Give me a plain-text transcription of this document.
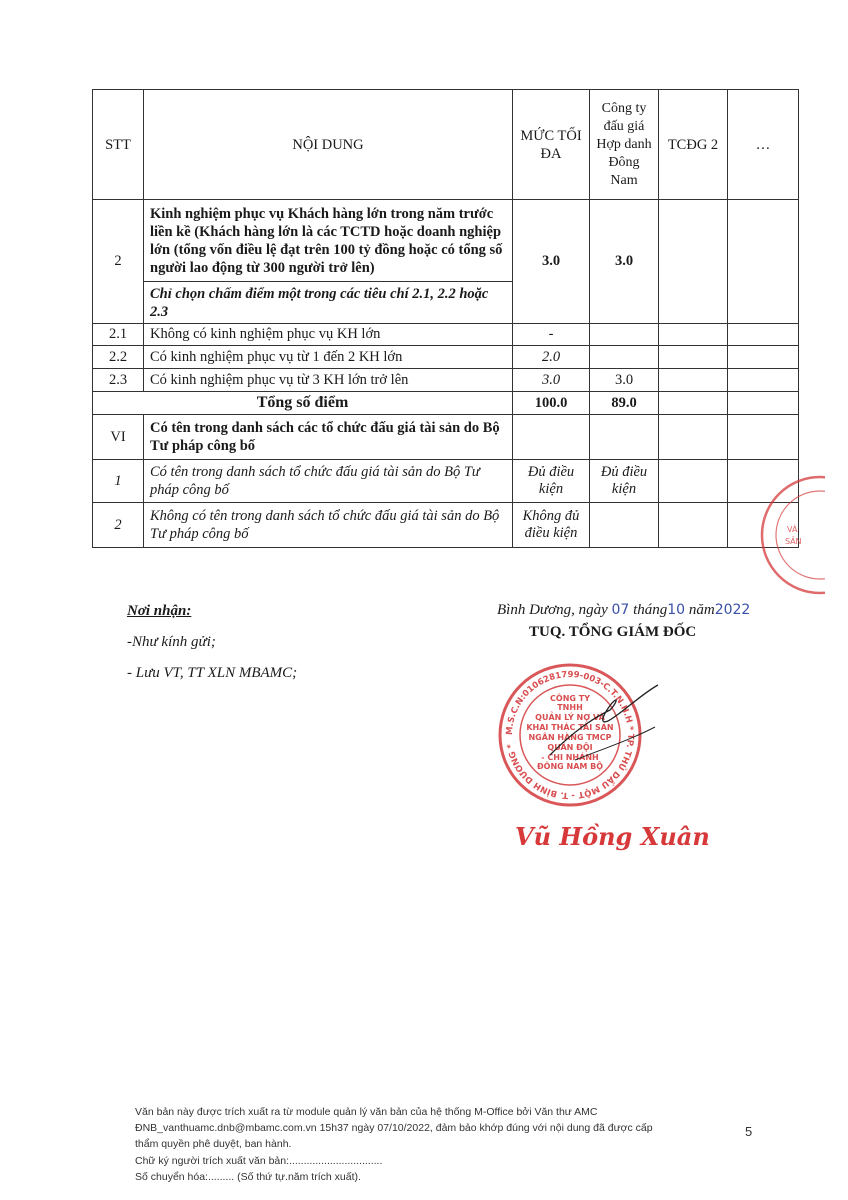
STT	NỘI DUNG	MỨC TỐI ĐA	Công ty đấu giá Hợp danh Đông Nam	TCĐG 2	…
2	Kinh nghiệm phục vụ Khách hàng lớn trong năm trước liền kề (Khách hàng lớn là các TCTD hoặc doanh nghiệp lớn (tổng vốn điều lệ đạt trên 100 tỷ đồng hoặc có tổng số người lao động từ 300 người trở lên)	3.0	3.0		
	Chỉ chọn chấm điểm một trong các tiêu chí 2.1, 2.2 hoặc 2.3				
2.1	Không có kinh nghiệm phục vụ KH lớn	-			
2.2	Có kinh nghiệm phục vụ từ 1 đến 2 KH lớn	2.0			
2.3	Có kinh nghiệm phục vụ từ 3 KH lớn trở lên	3.0	3.0		
Tổng số điểm		100.0	89.0		
VI	Có tên trong danh sách các tổ chức đấu giá tài sản do Bộ Tư pháp công bố				
1	Có tên trong danh sách tổ chức đấu giá tài sản do Bộ Tư pháp công bố	Đủ điều kiện	Đủ điều kiện		
2	Không có tên trong danh sách tổ chức đấu giá tài sản do Bộ Tư pháp công bố	Không đủ điều kiện				VÀ
SẢN
Nơi nhận:
-Như kính gửi;
- Lưu VT, TT XLN MBAMC;
Bình Dương, ngày 07 tháng10 năm2022
TUQ. TỔNG GIÁM ĐỐC
M.S.C.N:0106281799-003-C.T.N.H.H * TP. THỦ DẦU MỘT - T. BÌNH DƯƠNG *
CÔNG TY
TNHH
QUẢN LÝ NỢ VÀ
KHAI THÁC TÀI SẢN
NGÂN HÀNG TMCP
QUÂN ĐỘI
- CHI NHÁNH
ĐÔNG NAM BỘ
Vũ Hồng Xuân
Văn bản này được trích xuất ra từ module quản lý văn bản của hệ thống M-Office bởi Văn thư AMC
ĐNB_vanthuamc.dnb@mbamc.com.vn 15h37 ngày 07/10/2022, đảm bảo khớp đúng với nội dung đã được cấp
thẩm quyền phê duyệt, ban hành.
Chữ ký người trích xuất văn bản:................................
Số chuyển hóa:......... (Số thứ tự.năm trích xuất).
5
